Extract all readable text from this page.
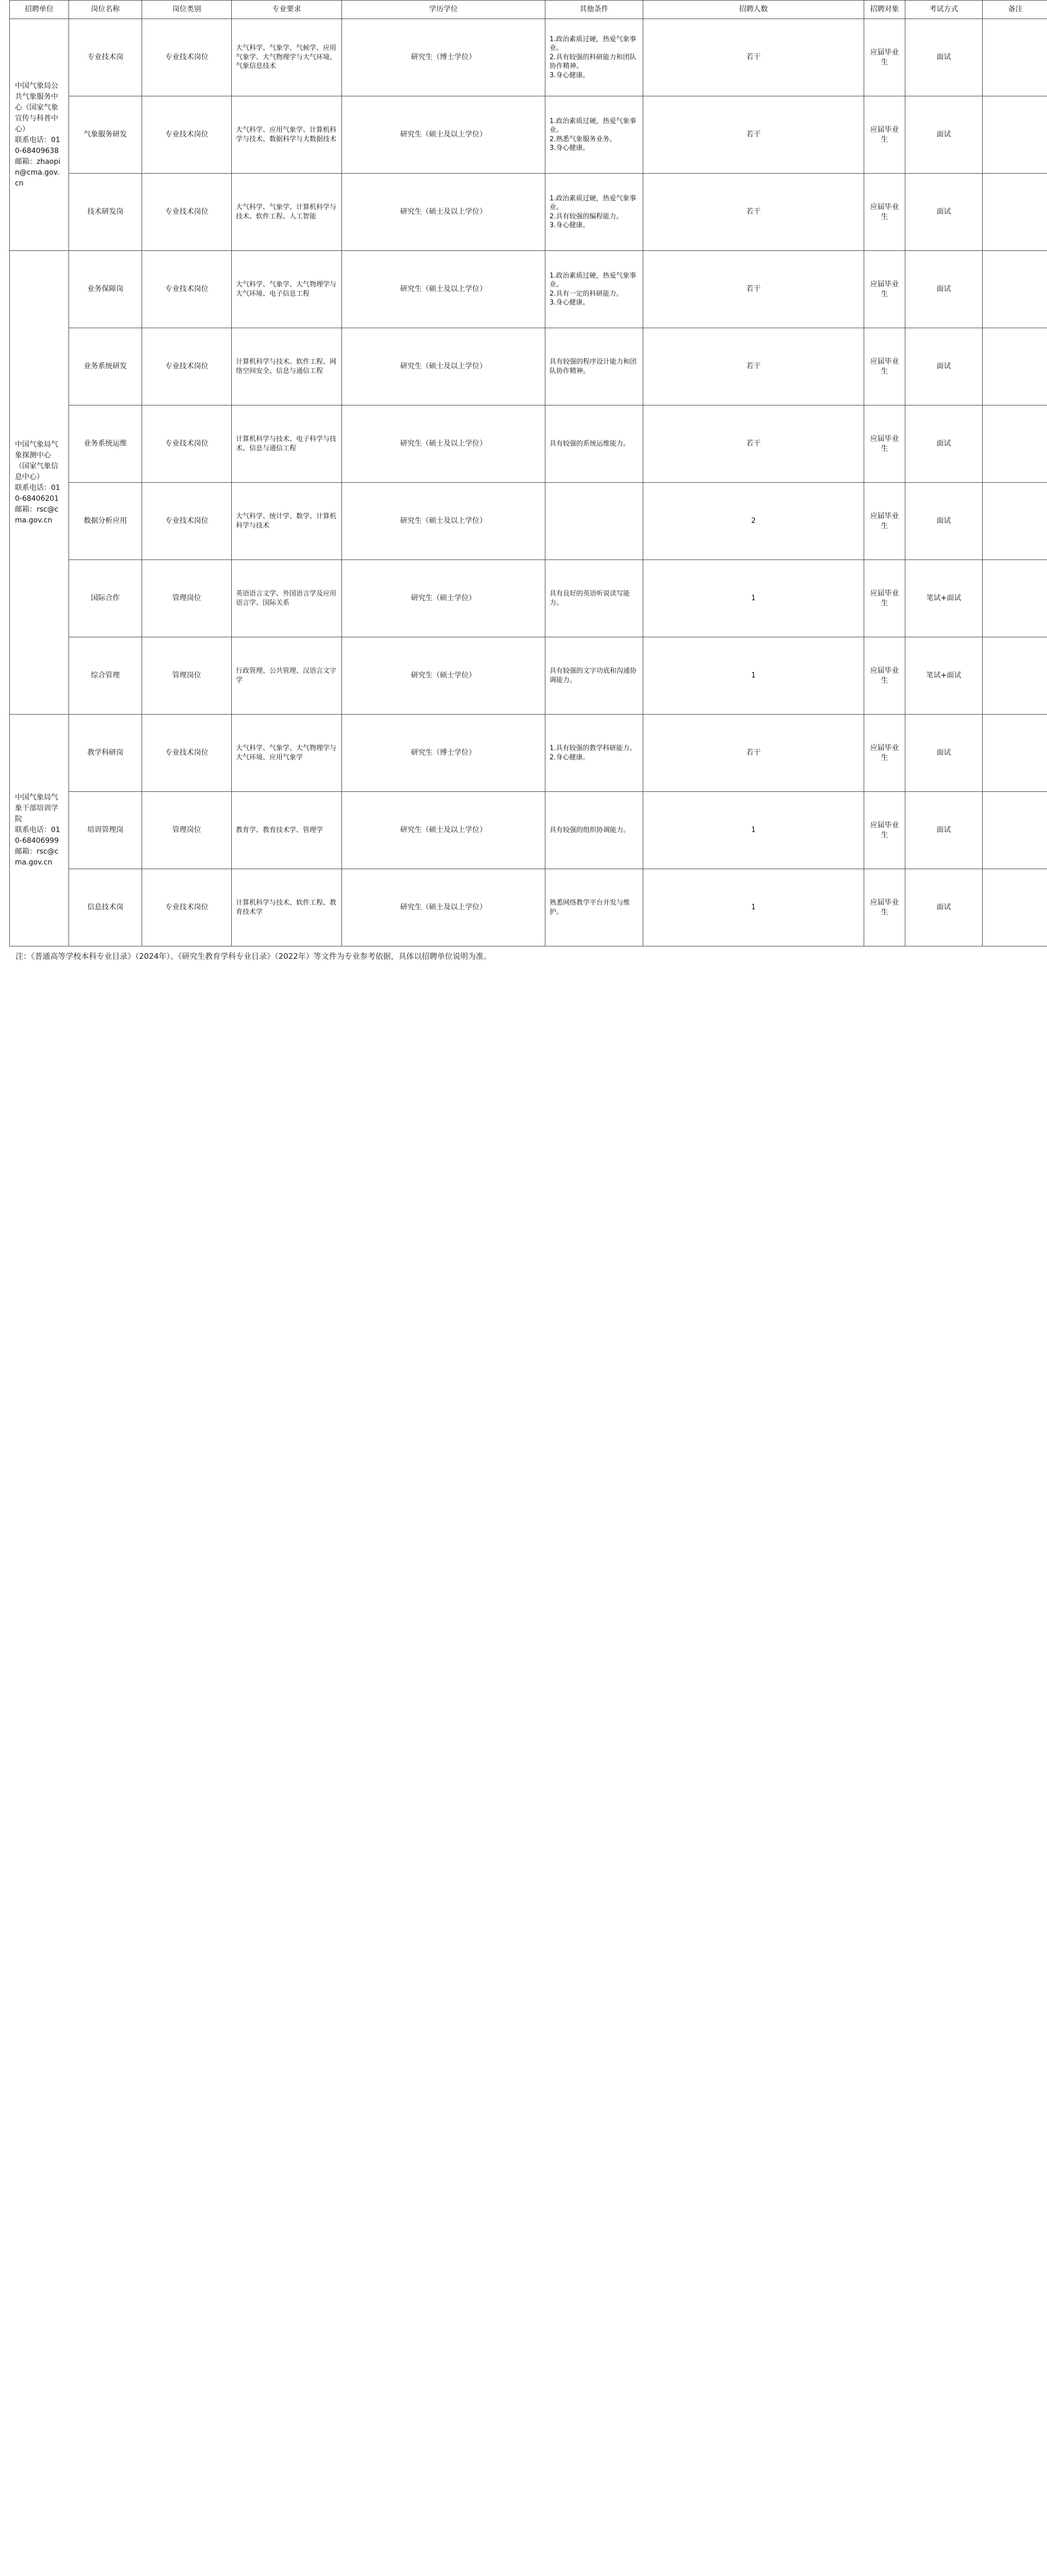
招聘单位	岗位名称	岗位类别	专业要求	学历学位	其他条件	招聘人数	招聘对象	考试方式	备注	
中国气象局公共气象服务中心（国家气象宣传与科普中心）
联系电话：010-68409638
邮箱：zhaopin@cma.gov.cn	专业技术岗	专业技术岗位	大气科学、气象学、气候学、应用气象学、大气物理学与大气环境、气象信息技术	研究生（博士学位）	1.政治素质过硬，热爱气象事业。
2.具有较强的科研能力和团队协作精神。
3.身心健康。	若干	应届毕业生	面试		
	气象服务研发	专业技术岗位	大气科学、应用气象学、计算机科学与技术、数据科学与大数据技术	研究生（硕士及以上学位）	1.政治素质过硬，热爱气象事业。
2.熟悉气象服务业务。
3.身心健康。	若干	应届毕业生	面试		
	技术研发岗	专业技术岗位	大气科学、气象学、计算机科学与技术、软件工程、人工智能	研究生（硕士及以上学位）	1.政治素质过硬，热爱气象事业。
2.具有较强的编程能力。
3.身心健康。	若干	应届毕业生	面试		
中国气象局气象探测中心（国家气象信息中心）
联系电话：010-68406201
邮箱：rsc@cma.gov.cn	业务保障岗	专业技术岗位	大气科学、气象学、大气物理学与大气环境、电子信息工程	研究生（硕士及以上学位）	1.政治素质过硬，热爱气象事业。
2.具有一定的科研能力。
3.身心健康。	若干	应届毕业生	面试		
	业务系统研发	专业技术岗位	计算机科学与技术、软件工程、网络空间安全、信息与通信工程	研究生（硕士及以上学位）	具有较强的程序设计能力和团队协作精神。	若干	应届毕业生	面试		
	业务系统运维	专业技术岗位	计算机科学与技术、电子科学与技术、信息与通信工程	研究生（硕士及以上学位）	具有较强的系统运维能力。	若干	应届毕业生	面试		
	数据分析应用	专业技术岗位	大气科学、统计学、数学、计算机科学与技术	研究生（硕士及以上学位）		2	应届毕业生	面试		
	国际合作	管理岗位	英语语言文学、外国语言学及应用语言学、国际关系	研究生（硕士学位）	具有良好的英语听说读写能力。	1	应届毕业生	笔试+面试		
	综合管理	管理岗位	行政管理、公共管理、汉语言文字学	研究生（硕士学位）	具有较强的文字功底和沟通协调能力。	1	应届毕业生	笔试+面试		
中国气象局气象干部培训学院
联系电话：010-68406999
邮箱：rsc@cma.gov.cn	教学科研岗	专业技术岗位	大气科学、气象学、大气物理学与大气环境、应用气象学	研究生（博士学位）	1.具有较强的教学科研能力。
2.身心健康。	若干	应届毕业生	面试		
	培训管理岗	管理岗位	教育学、教育技术学、管理学	研究生（硕士及以上学位）	具有较强的组织协调能力。	1	应届毕业生	面试		
	信息技术岗	专业技术岗位	计算机科学与技术、软件工程、教育技术学	研究生（硕士及以上学位）	熟悉网络教学平台开发与维护。	1	应届毕业生	面试		
注：《普通高等学校本科专业目录》（2024年）、《研究生教育学科专业目录》（2022年）等文件为专业参考依据，具体以招聘单位说明为准。
